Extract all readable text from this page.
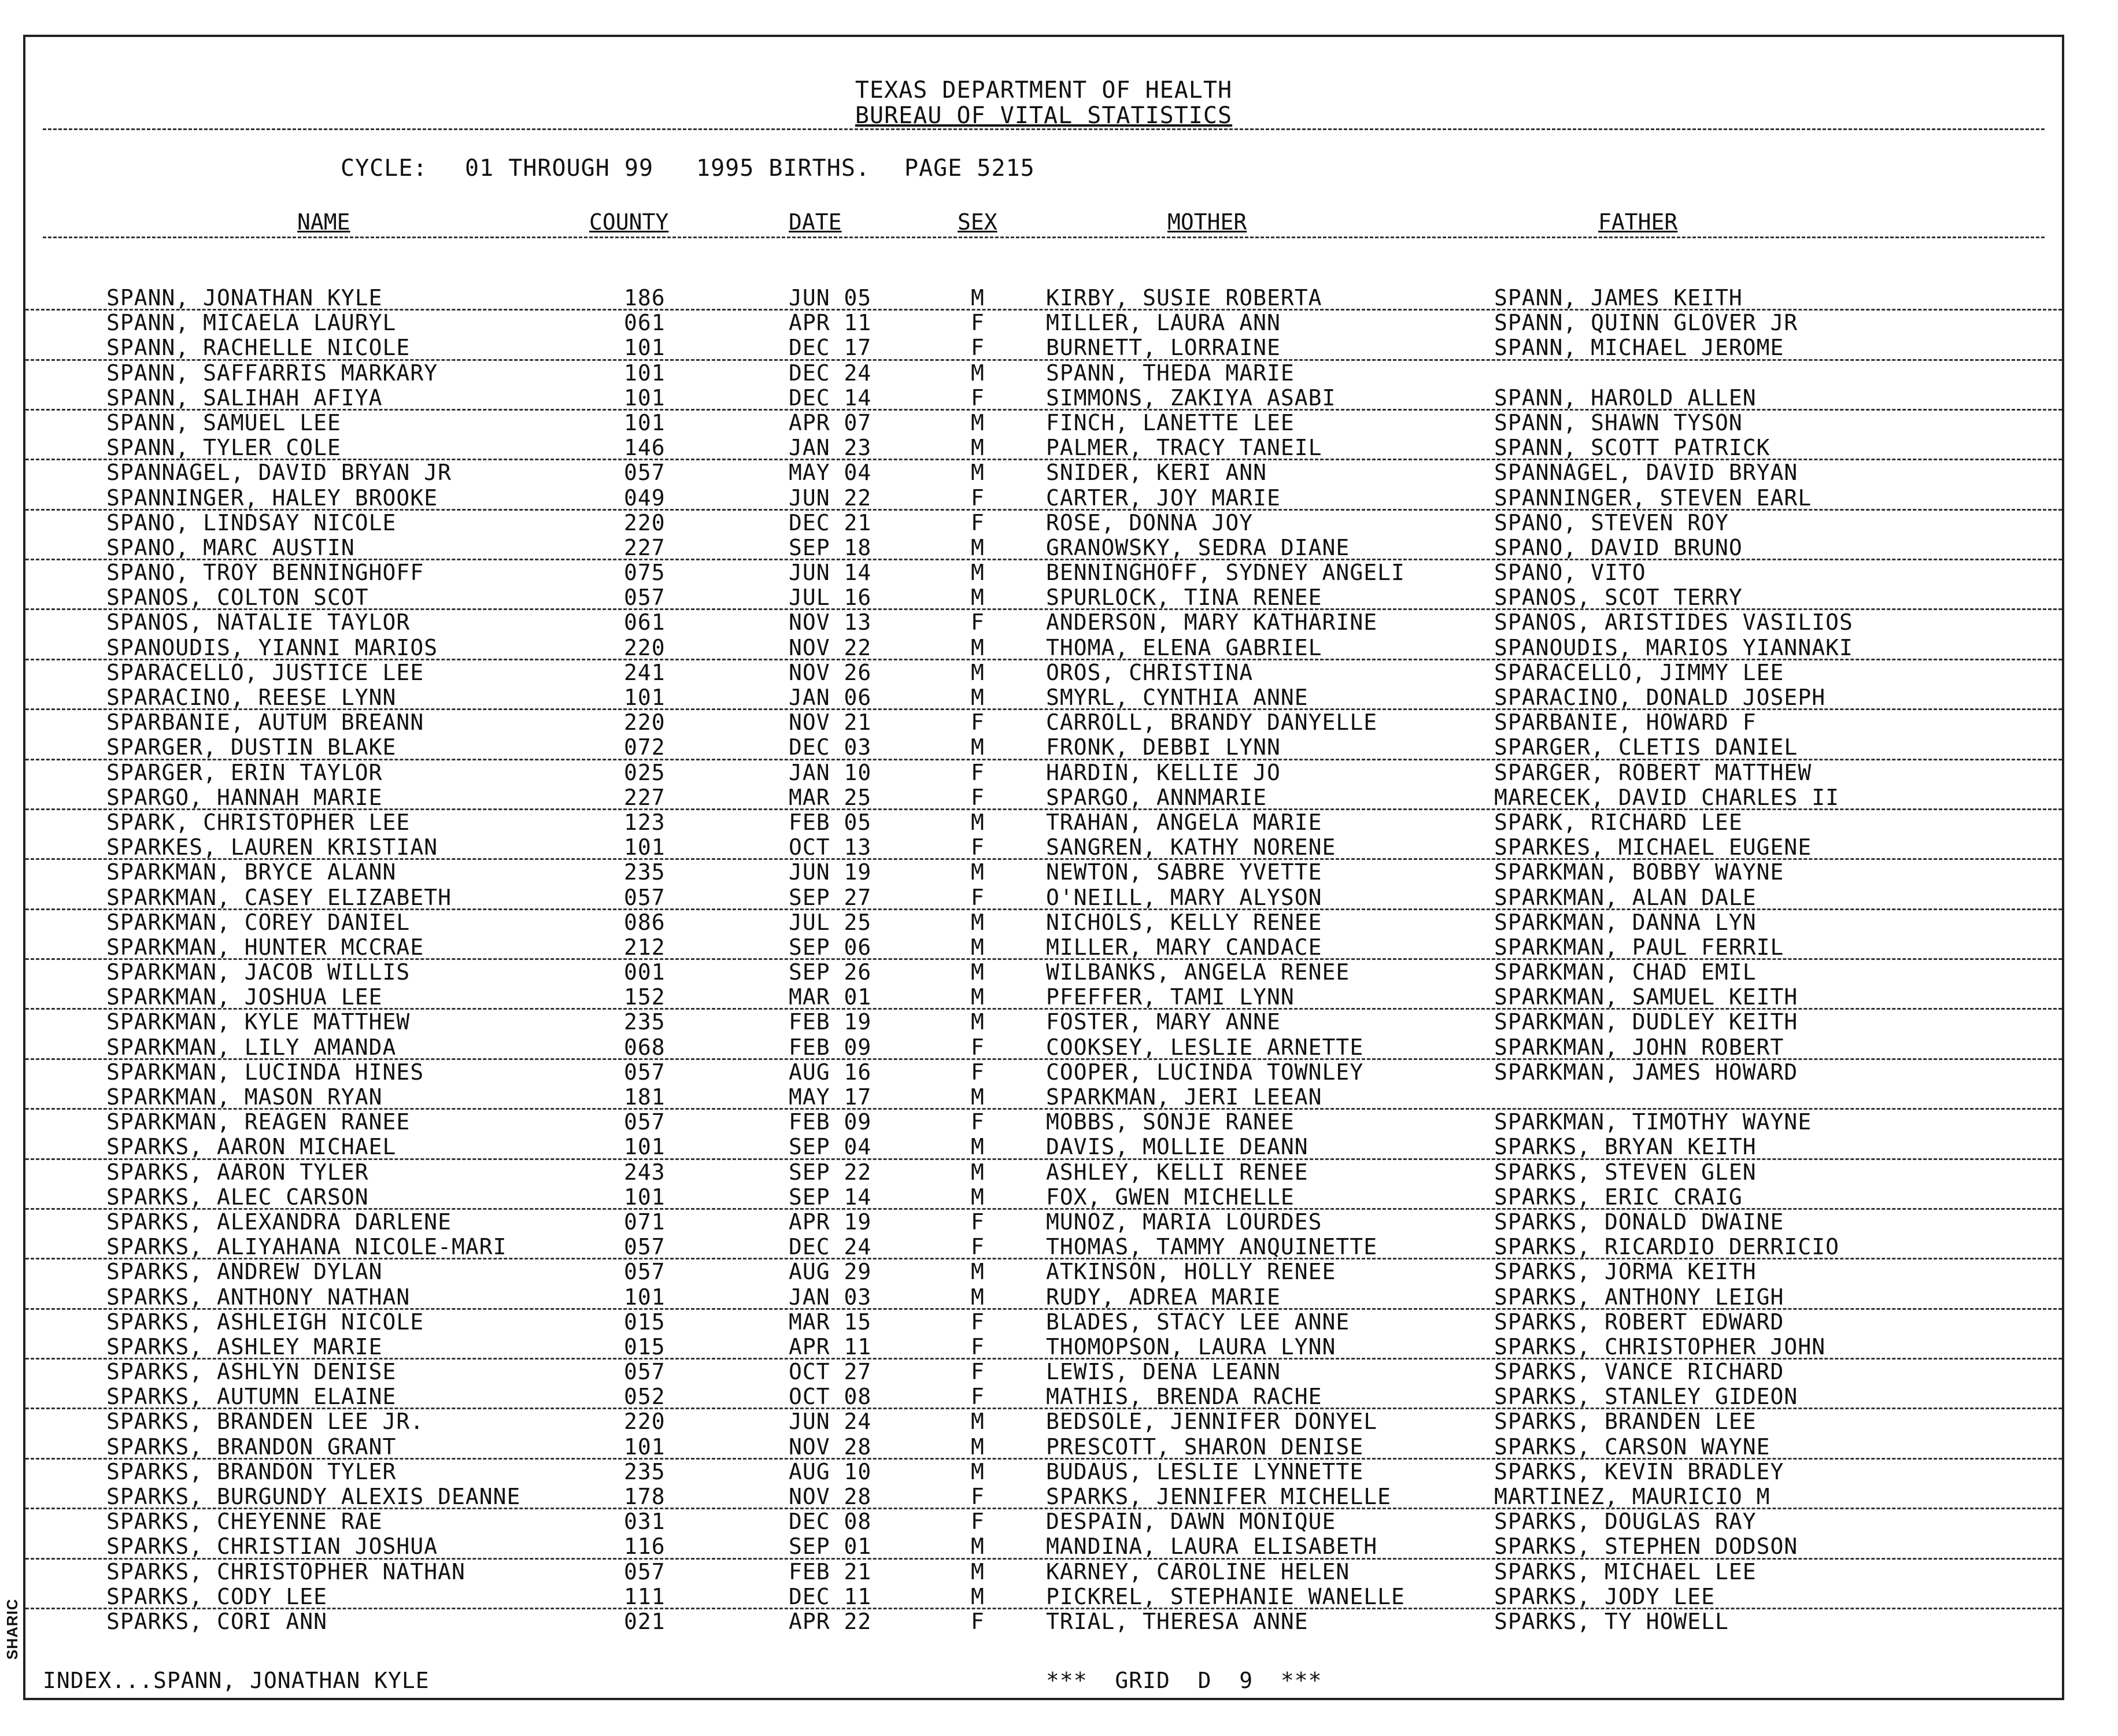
SHARIC
TEXAS DEPARTMENT OF HEALTH
BUREAU OF VITAL STATISTICS
CYCLE: 01 THROUGH 99 1995 BIRTHS. PAGE 5215
NAME	COUNTY	DATE	SEX	MOTHER	FATHER
SPANN, JONATHAN KYLE	186	JUN 05	M	KIRBY, SUSIE ROBERTA	SPANN, JAMES KEITH
SPANN, MICAELA LAURYL	061	APR 11	F	MILLER, LAURA ANN	SPANN, QUINN GLOVER JR
SPANN, RACHELLE NICOLE	101	DEC 17	F	BURNETT, LORRAINE	SPANN, MICHAEL JEROME
SPANN, SAFFARRIS MARKARY	101	DEC 24	M	SPANN, THEDA MARIE
SPANN, SALIHAH AFIYA	101	DEC 14	F	SIMMONS, ZAKIYA ASABI	SPANN, HAROLD ALLEN
SPANN, SAMUEL LEE	101	APR 07	M	FINCH, LANETTE LEE	SPANN, SHAWN TYSON
SPANN, TYLER COLE	146	JAN 23	M	PALMER, TRACY TANEIL	SPANN, SCOTT PATRICK
SPANNAGEL, DAVID BRYAN JR	057	MAY 04	M	SNIDER, KERI ANN	SPANNAGEL, DAVID BRYAN
SPANNINGER, HALEY BROOKE	049	JUN 22	F	CARTER, JOY MARIE	SPANNINGER, STEVEN EARL
SPANO, LINDSAY NICOLE	220	DEC 21	F	ROSE, DONNA JOY	SPANO, STEVEN ROY
SPANO, MARC AUSTIN	227	SEP 18	M	GRANOWSKY, SEDRA DIANE	SPANO, DAVID BRUNO
SPANO, TROY BENNINGHOFF	075	JUN 14	M	BENNINGHOFF, SYDNEY ANGELI	SPANO, VITO
SPANOS, COLTON SCOT	057	JUL 16	M	SPURLOCK, TINA RENEE	SPANOS, SCOT TERRY
SPANOS, NATALIE TAYLOR	061	NOV 13	F	ANDERSON, MARY KATHARINE	SPANOS, ARISTIDES VASILIOS
SPANOUDIS, YIANNI MARIOS	220	NOV 22	M	THOMA, ELENA GABRIEL	SPANOUDIS, MARIOS YIANNAKI
SPARACELLO, JUSTICE LEE	241	NOV 26	M	OROS, CHRISTINA	SPARACELLO, JIMMY LEE
SPARACINO, REESE LYNN	101	JAN 06	M	SMYRL, CYNTHIA ANNE	SPARACINO, DONALD JOSEPH
SPARBANIE, AUTUM BREANN	220	NOV 21	F	CARROLL, BRANDY DANYELLE	SPARBANIE, HOWARD F
SPARGER, DUSTIN BLAKE	072	DEC 03	M	FRONK, DEBBI LYNN	SPARGER, CLETIS DANIEL
SPARGER, ERIN TAYLOR	025	JAN 10	F	HARDIN, KELLIE JO	SPARGER, ROBERT MATTHEW
SPARGO, HANNAH MARIE	227	MAR 25	F	SPARGO, ANNMARIE	MARECEK, DAVID CHARLES II
SPARK, CHRISTOPHER LEE	123	FEB 05	M	TRAHAN, ANGELA MARIE	SPARK, RICHARD LEE
SPARKES, LAUREN KRISTIAN	101	OCT 13	F	SANGREN, KATHY NORENE	SPARKES, MICHAEL EUGENE
SPARKMAN, BRYCE ALANN	235	JUN 19	M	NEWTON, SABRE YVETTE	SPARKMAN, BOBBY WAYNE
SPARKMAN, CASEY ELIZABETH	057	SEP 27	F	O'NEILL, MARY ALYSON	SPARKMAN, ALAN DALE
SPARKMAN, COREY DANIEL	086	JUL 25	M	NICHOLS, KELLY RENEE	SPARKMAN, DANNA LYN
SPARKMAN, HUNTER MCCRAE	212	SEP 06	M	MILLER, MARY CANDACE	SPARKMAN, PAUL FERRIL
SPARKMAN, JACOB WILLIS	001	SEP 26	M	WILBANKS, ANGELA RENEE	SPARKMAN, CHAD EMIL
SPARKMAN, JOSHUA LEE	152	MAR 01	M	PFEFFER, TAMI LYNN	SPARKMAN, SAMUEL KEITH
SPARKMAN, KYLE MATTHEW	235	FEB 19	M	FOSTER, MARY ANNE	SPARKMAN, DUDLEY KEITH
SPARKMAN, LILY AMANDA	068	FEB 09	F	COOKSEY, LESLIE ARNETTE	SPARKMAN, JOHN ROBERT
SPARKMAN, LUCINDA HINES	057	AUG 16	F	COOPER, LUCINDA TOWNLEY	SPARKMAN, JAMES HOWARD
SPARKMAN, MASON RYAN	181	MAY 17	M	SPARKMAN, JERI LEEAN
SPARKMAN, REAGEN RANEE	057	FEB 09	F	MOBBS, SONJE RANEE	SPARKMAN, TIMOTHY WAYNE
SPARKS, AARON MICHAEL	101	SEP 04	M	DAVIS, MOLLIE DEANN	SPARKS, BRYAN KEITH
SPARKS, AARON TYLER	243	SEP 22	M	ASHLEY, KELLI RENEE	SPARKS, STEVEN GLEN
SPARKS, ALEC CARSON	101	SEP 14	M	FOX, GWEN MICHELLE	SPARKS, ERIC CRAIG
SPARKS, ALEXANDRA DARLENE	071	APR 19	F	MUNOZ, MARIA LOURDES	SPARKS, DONALD DWAINE
SPARKS, ALIYAHANA NICOLE-MARI	057	DEC 24	F	THOMAS, TAMMY ANQUINETTE	SPARKS, RICARDIO DERRICIO
SPARKS, ANDREW DYLAN	057	AUG 29	M	ATKINSON, HOLLY RENEE	SPARKS, JORMA KEITH
SPARKS, ANTHONY NATHAN	101	JAN 03	M	RUDY, ADREA MARIE	SPARKS, ANTHONY LEIGH
SPARKS, ASHLEIGH NICOLE	015	MAR 15	F	BLADES, STACY LEE ANNE	SPARKS, ROBERT EDWARD
SPARKS, ASHLEY MARIE	015	APR 11	F	THOMOPSON, LAURA LYNN	SPARKS, CHRISTOPHER JOHN
SPARKS, ASHLYN DENISE	057	OCT 27	F	LEWIS, DENA LEANN	SPARKS, VANCE RICHARD
SPARKS, AUTUMN ELAINE	052	OCT 08	F	MATHIS, BRENDA RACHE	SPARKS, STANLEY GIDEON
SPARKS, BRANDEN LEE JR.	220	JUN 24	M	BEDSOLE, JENNIFER DONYEL	SPARKS, BRANDEN LEE
SPARKS, BRANDON GRANT	101	NOV 28	M	PRESCOTT, SHARON DENISE	SPARKS, CARSON WAYNE
SPARKS, BRANDON TYLER	235	AUG 10	M	BUDAUS, LESLIE LYNNETTE	SPARKS, KEVIN BRADLEY
SPARKS, BURGUNDY ALEXIS DEANNE	178	NOV 28	F	SPARKS, JENNIFER MICHELLE	MARTINEZ, MAURICIO M
SPARKS, CHEYENNE RAE	031	DEC 08	F	DESPAIN, DAWN MONIQUE	SPARKS, DOUGLAS RAY
SPARKS, CHRISTIAN JOSHUA	116	SEP 01	M	MANDINA, LAURA ELISABETH	SPARKS, STEPHEN DODSON
SPARKS, CHRISTOPHER NATHAN	057	FEB 21	M	KARNEY, CAROLINE HELEN	SPARKS, MICHAEL LEE
SPARKS, CODY LEE	111	DEC 11	M	PICKREL, STEPHANIE WANELLE	SPARKS, JODY LEE
SPARKS, CORI ANN	021	APR 22	F	TRIAL, THERESA ANNE	SPARKS, TY HOWELL
INDEX...SPANN, JONATHAN KYLE	***  GRID  D  9  ***
